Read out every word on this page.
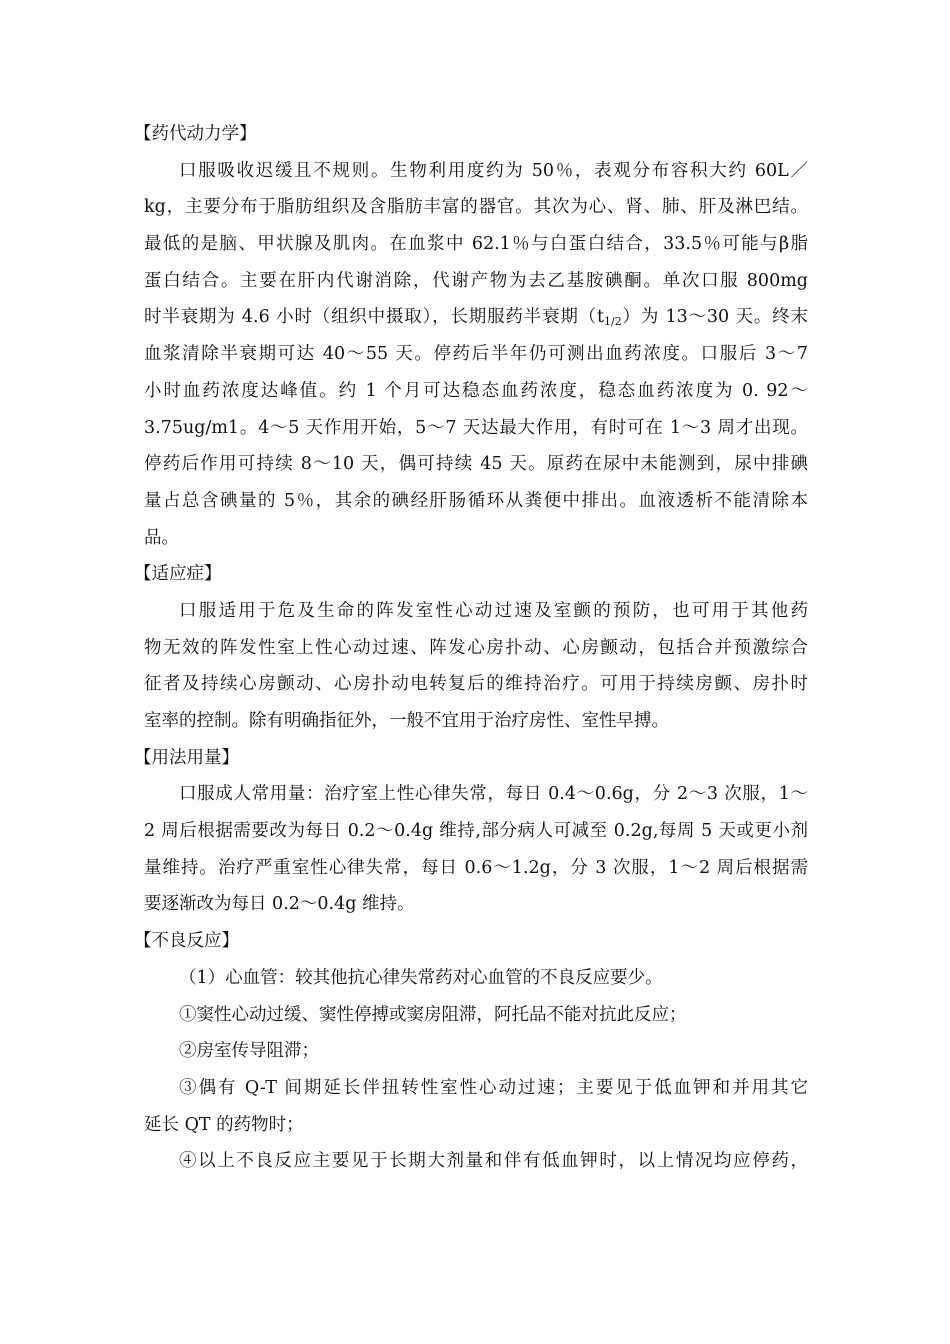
【药代动力学】
口服吸收迟缓且不规则。生物利用度约为 50％，表观分布容积大约 60L／
kg，主要分布于脂肪组织及含脂肪丰富的器官。其次为心、肾、肺、肝及淋巴结。
最低的是脑、甲状腺及肌肉。在血浆中 62.1％与白蛋白结合，33.5％可能与β脂
蛋白结合。主要在肝内代谢消除，代谢产物为去乙基胺碘酮。单次口服 800mg
时半衰期为 4.6 小时（组织中摄取），长期服药半衰期$(t_{1/2})$为 13～30 天。终末
血浆清除半衰期可达 40～55 天。停药后半年仍可测出血药浓度。口服后 3～7
小时血药浓度达峰值。约 1 个月可达稳态血药浓度，稳态血药浓度为 0. 92～
3.75ug/m1。4～5 天作用开始，5～7 天达最大作用，有时可在 1～3 周才出现。
停药后作用可持续 8～10 天，偶可持续 45 天。原药在尿中未能测到，尿中排碘
量占总含碘量的 5％，其余的碘经肝肠循环从粪便中排出。血液透析不能清除本
品。
【适应症】
口服适用于危及生命的阵发室性心动过速及室颤的预防，也可用于其他药
物无效的阵发性室上性心动过速、阵发心房扑动、心房颤动，包括合并预激综合
征者及持续心房颤动、心房扑动电转复后的维持治疗。可用于持续房颤、房扑时
室率的控制。除有明确指征外，一般不宜用于治疗房性、室性早搏。
【用法用量】
口服成人常用量：治疗室上性心律失常，每日 0.4～0.6g，分 2～3 次服，1～
2 周后根据需要改为每日 0.2～0.4g 维持,部分病人可减至 0.2g,每周 5 天或更小剂
量维持。治疗严重室性心律失常，每日 0.6～1.2g，分 3 次服，1～2 周后根据需
要逐渐改为每日 0.2～0.4g 维持。
【不良反应】
（1）心血管：较其他抗心律失常药对心血管的不良反应要少。
①窦性心动过缓、窦性停搏或窦房阻滞，阿托品不能对抗此反应；
②房室传导阻滞；
③偶有 Q-T 间期延长伴扭转性室性心动过速；主要见于低血钾和并用其它
延长 QT 的药物时；
④以上不良反应主要见于长期大剂量和伴有低血钾时，以上情况均应停药，
